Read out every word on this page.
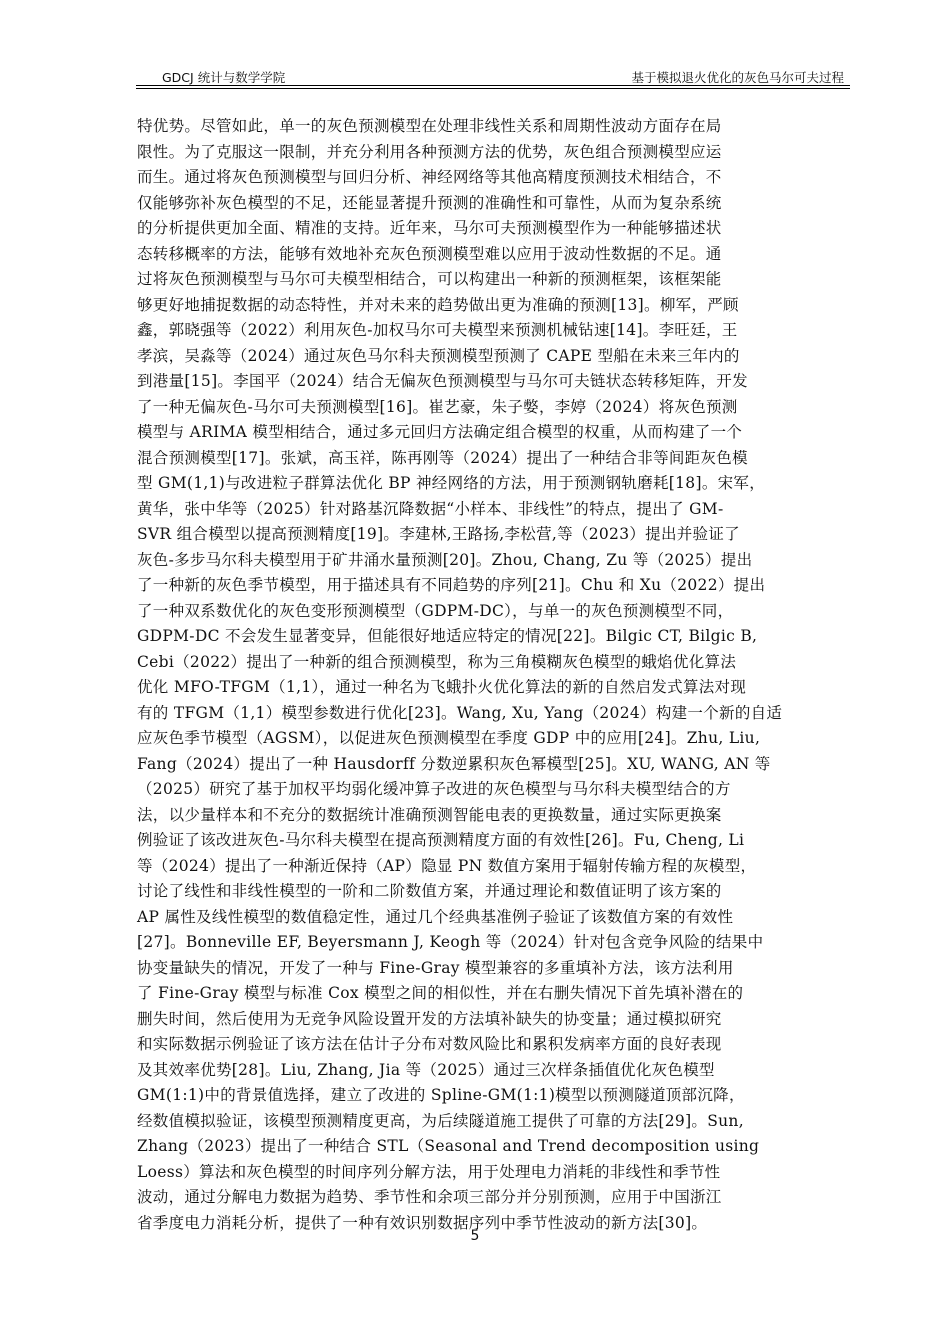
GDCJ 统计与数学学院	基于模拟退火优化的灰色马尔可夫过程
特优势。尽管如此，单一的灰色预测模型在处理非线性关系和周期性波动方面存在局
限性。为了克服这一限制，并充分利用各种预测方法的优势，灰色组合预测模型应运
而生。通过将灰色预测模型与回归分析、神经网络等其他高精度预测技术相结合，不
仅能够弥补灰色模型的不足，还能显著提升预测的准确性和可靠性，从而为复杂系统
的分析提供更加全面、精准的支持。近年来，马尔可夫预测模型作为一种能够描述状
态转移概率的方法，能够有效地补充灰色预测模型难以应用于波动性数据的不足。通
过将灰色预测模型与马尔可夫模型相结合，可以构建出一种新的预测框架，该框架能
够更好地捕捉数据的动态特性，并对未来的趋势做出更为准确的预测[13]。柳军，严顾
鑫，郭晓强等（2022）利用灰色-加权马尔可夫模型来预测机械钻速[14]。李旺廷，王
孝滨，吴淼等（2024）通过灰色马尔科夫预测模型预测了 CAPE 型船在未来三年内的
到港量[15]。李国平（2024）结合无偏灰色预测模型与马尔可夫链状态转移矩阵，开发
了一种无偏灰色-马尔可夫预测模型[16]。崔艺豪，朱子嫳，李婷（2024）将灰色预测
模型与 ARIMA 模型相结合，通过多元回归方法确定组合模型的权重，从而构建了一个
混合预测模型[17]。张斌，高玉祥，陈再刚等（2024）提出了一种结合非等间距灰色模
型 GM(1,1)与改进粒子群算法优化 BP 神经网络的方法，用于预测钢轨磨耗[18]。宋军，
黄华，张中华等（2025）针对路基沉降数据“小样本、非线性”的特点，提出了 GM-
SVR 组合模型以提高预测精度[19]。李建林,王路扬,李松营,等（2023）提出并验证了
灰色-多步马尔科夫模型用于矿井涌水量预测[20]。Zhou, Chang, Zu 等（2025）提出
了一种新的灰色季节模型，用于描述具有不同趋势的序列[21]。Chu 和 Xu（2022）提出
了一种双系数优化的灰色变形预测模型（GDPM-DC），与单一的灰色预测模型不同，
GDPM-DC 不会发生显著变异，但能很好地适应特定的情况[22]。Bilgic CT, Bilgic B,
Cebi（2022）提出了一种新的组合预测模型，称为三角模糊灰色模型的蛾焰优化算法
优化 MFO-TFGM（1,1），通过一种名为飞蛾扑火优化算法的新的自然启发式算法对现
有的 TFGM（1,1）模型参数进行优化[23]。Wang, Xu, Yang（2024）构建一个新的自适
应灰色季节模型（AGSM），以促进灰色预测模型在季度 GDP 中的应用[24]。Zhu, Liu,
Fang（2024）提出了一种 Hausdorff 分数逆累积灰色幂模型[25]。XU, WANG, AN 等
（2025）研究了基于加权平均弱化缓冲算子改进的灰色模型与马尔科夫模型结合的方
法，以少量样本和不充分的数据统计准确预测智能电表的更换数量，通过实际更换案
例验证了该改进灰色-马尔科夫模型在提高预测精度方面的有效性[26]。Fu, Cheng, Li
等（2024）提出了一种渐近保持（AP）隐显 PN 数值方案用于辐射传输方程的灰模型，
讨论了线性和非线性模型的一阶和二阶数值方案，并通过理论和数值证明了该方案的
AP 属性及线性模型的数值稳定性，通过几个经典基准例子验证了该数值方案的有效性
[27]。Bonneville EF, Beyersmann J, Keogh 等（2024）针对包含竞争风险的结果中
协变量缺失的情况，开发了一种与 Fine-Gray 模型兼容的多重填补方法，该方法利用
了 Fine-Gray 模型与标准 Cox 模型之间的相似性，并在右删失情况下首先填补潜在的
删失时间，然后使用为无竞争风险设置开发的方法填补缺失的协变量；通过模拟研究
和实际数据示例验证了该方法在估计子分布对数风险比和累积发病率方面的良好表现
及其效率优势[28]。Liu, Zhang, Jia 等（2025）通过三次样条插值优化灰色模型
GM(1:1)中的背景值选择，建立了改进的 Spline-GM(1:1)模型以预测隧道顶部沉降，
经数值模拟验证，该模型预测精度更高，为后续隧道施工提供了可靠的方法[29]。Sun,
Zhang（2023）提出了一种结合 STL（Seasonal and Trend decomposition using
Loess）算法和灰色模型的时间序列分解方法，用于处理电力消耗的非线性和季节性
波动，通过分解电力数据为趋势、季节性和余项三部分并分别预测，应用于中国浙江
省季度电力消耗分析，提供了一种有效识别数据序列中季节性波动的新方法[30]。
5
